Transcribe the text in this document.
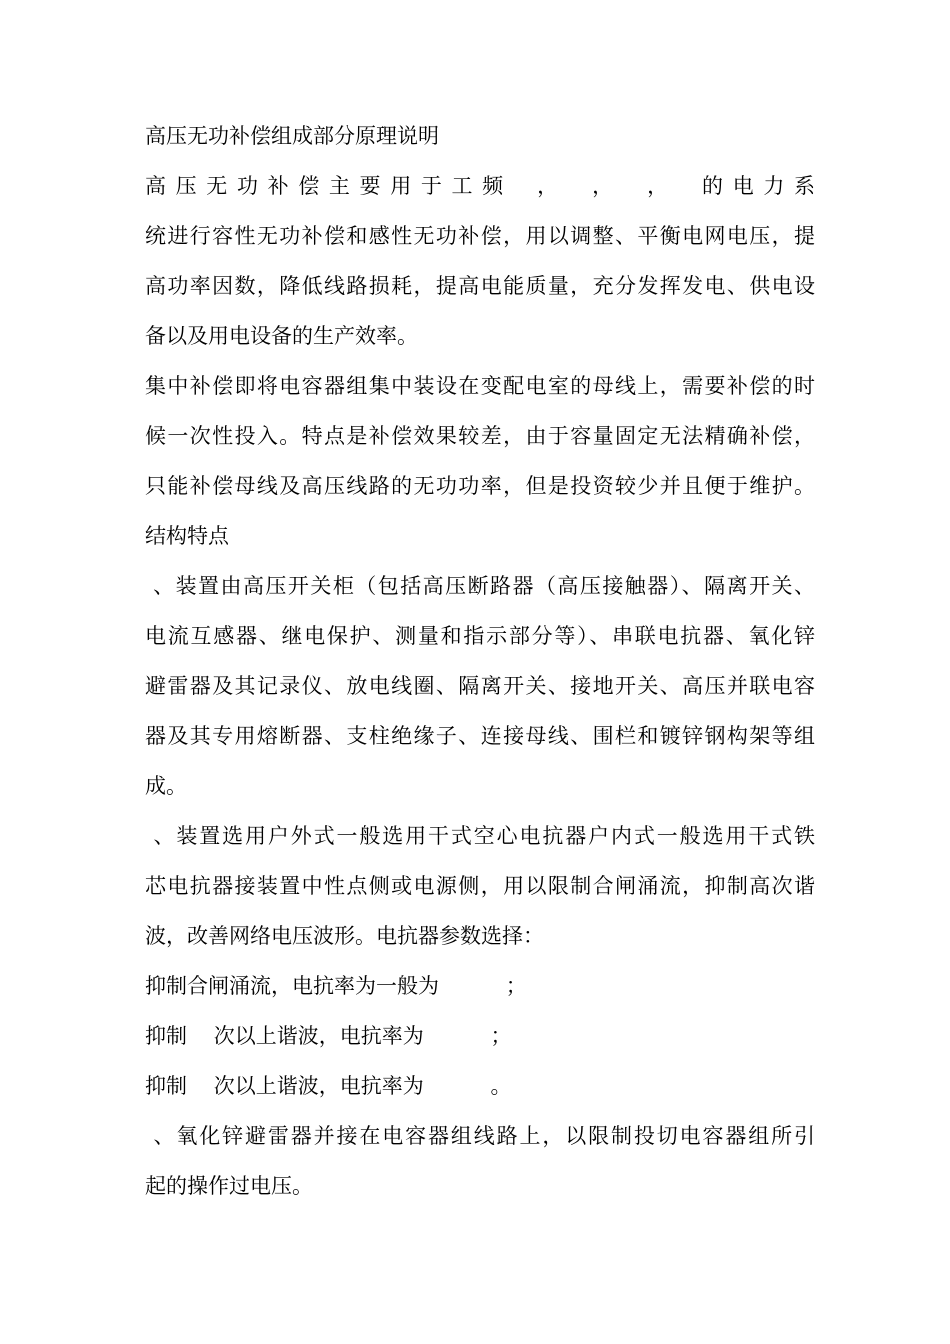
高压无功补偿组成部分原理说明
高压无功补偿主要用于工频 ， ， ， 的电力系
统进行容性无功补偿和感性无功补偿，用以调整、平衡电网电压，提
高功率因数，降低线路损耗，提高电能质量，充分发挥发电、供电设
备以及用电设备的生产效率。
集中补偿即将电容器组集中装设在变配电室的母线上，需要补偿的时
候一次性投入。特点是补偿效果较差，由于容量固定无法精确补偿，
只能补偿母线及高压线路的无功功率，但是投资较少并且便于维护。
结构特点
、装置由高压开关柜（包括高压断路器（高压接触器）、隔离开关、
电流互感器、继电保护、测量和指示部分等）、串联电抗器、氧化锌
避雷器及其记录仪、放电线圈、隔离开关、接地开关、高压并联电容
器及其专用熔断器、支柱绝缘子、连接母线、围栏和镀锌钢构架等组
成。
、装置选用户外式一般选用干式空心电抗器户内式一般选用干式铁
芯电抗器接装置中性点侧或电源侧，用以限制合闸涌流，抑制高次谐
波，改善网络电压波形。电抗器参数选择：
抑制合闸涌流，电抗率为一般为          ；
抑制    次以上谐波，电抗率为          ；
抑制    次以上谐波，电抗率为          。
、氧化锌避雷器并接在电容器组线路上，以限制投切电容器组所引
起的操作过电压。
